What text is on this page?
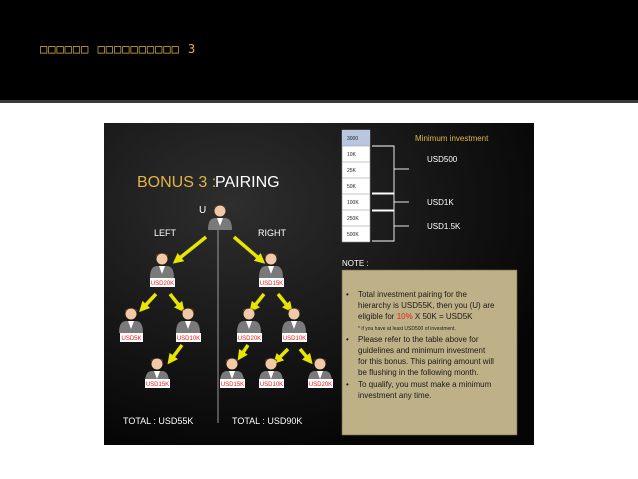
□□□□□□ □□□□□□□□□□ 3
BONUS 3 :
PAIRING
U
LEFT	RIGHT
USD20K
USD5K	USD10K
USD15K
USD15K
USD20K	USD10K
USD15K	USD10K	USD20K
TOTAL : USD55K	TOTAL : USD90K
3000
10K
25K
50K
100K
250K
500K
Minimum investment
USD500
USD1K
USD1.5K
NOTE :
• Total investment pairing for the
hierarchy is USD55K, then you (U) are
eligible for 10% X 50K = USD5K
* if you have at least USD500 of investment.
• Please refer to the table above for
guidelines and minimum investment
for this bonus. This pairing amount will
be flushing in the following month.
• To qualify, you must make a minimum
investment any time.
